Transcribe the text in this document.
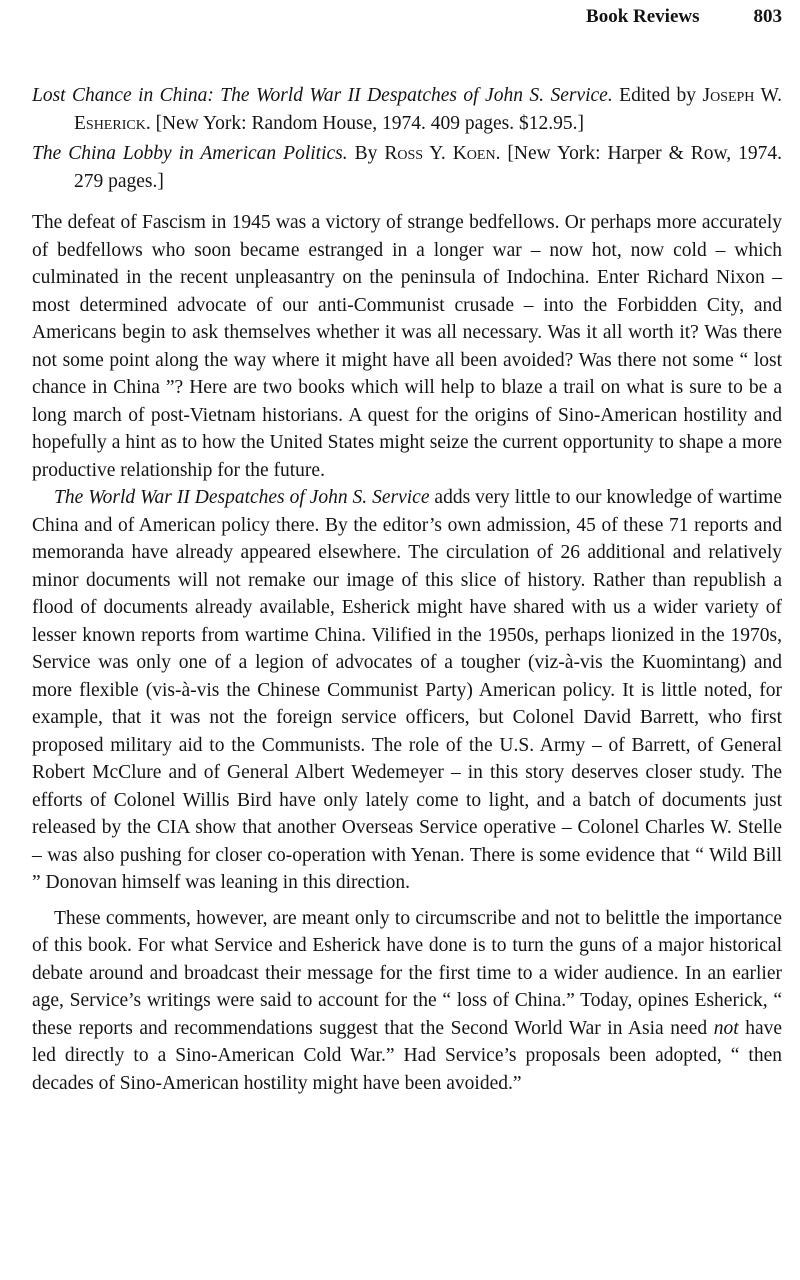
Book Reviews	803

Lost Chance in China: The World War II Despatches of John S. Service. Edited by Joseph W. Esherick. [New York: Random House, 1974. 409 pages. $12.95.]

The China Lobby in American Politics. By Ross Y. Koen. [New York: Harper & Row, 1974. 279 pages.]

The defeat of Fascism in 1945 was a victory of strange bedfellows. Or perhaps more accurately of bedfellows who soon became estranged in a longer war – now hot, now cold – which culminated in the recent unpleasantry on the peninsula of Indochina. Enter Richard Nixon – most determined advocate of our anti-Communist crusade – into the Forbidden City, and Americans begin to ask themselves whether it was all necessary. Was it all worth it? Was there not some point along the way where it might have all been avoided? Was there not some “ lost chance in China ”? Here are two books which will help to blaze a trail on what is sure to be a long march of post-Vietnam historians. A quest for the origins of Sino-American hostility and hopefully a hint as to how the United States might seize the current opportunity to shape a more productive relationship for the future.

The World War II Despatches of John S. Service adds very little to our knowledge of wartime China and of American policy there. By the editor’s own admission, 45 of these 71 reports and memoranda have already appeared elsewhere. The circulation of 26 additional and relatively minor documents will not remake our image of this slice of history. Rather than republish a flood of documents already available, Esherick might have shared with us a wider variety of lesser known reports from wartime China. Vilified in the 1950s, perhaps lionized in the 1970s, Service was only one of a legion of advocates of a tougher (viz-à-vis the Kuomintang) and more flexible (vis-à-vis the Chinese Communist Party) American policy. It is little noted, for example, that it was not the foreign service officers, but Colonel David Barrett, who first proposed military aid to the Communists. The role of the U.S. Army – of Barrett, of General Robert McClure and of General Albert Wedemeyer – in this story deserves closer study. The efforts of Colonel Willis Bird have only lately come to light, and a batch of documents just released by the CIA show that another Overseas Service operative – Colonel Charles W. Stelle – was also pushing for closer co-operation with Yenan. There is some evidence that “ Wild Bill ” Donovan himself was leaning in this direction.

These comments, however, are meant only to circumscribe and not to belittle the importance of this book. For what Service and Esherick have done is to turn the guns of a major historical debate around and broadcast their message for the first time to a wider audience. In an earlier age, Service’s writings were said to account for the “ loss of China.” Today, opines Esherick, “ these reports and recommendations suggest that the Second World War in Asia need not have led directly to a Sino-American Cold War.” Had Service’s proposals been adopted, “ then decades of Sino-American hostility might have been avoided.”
